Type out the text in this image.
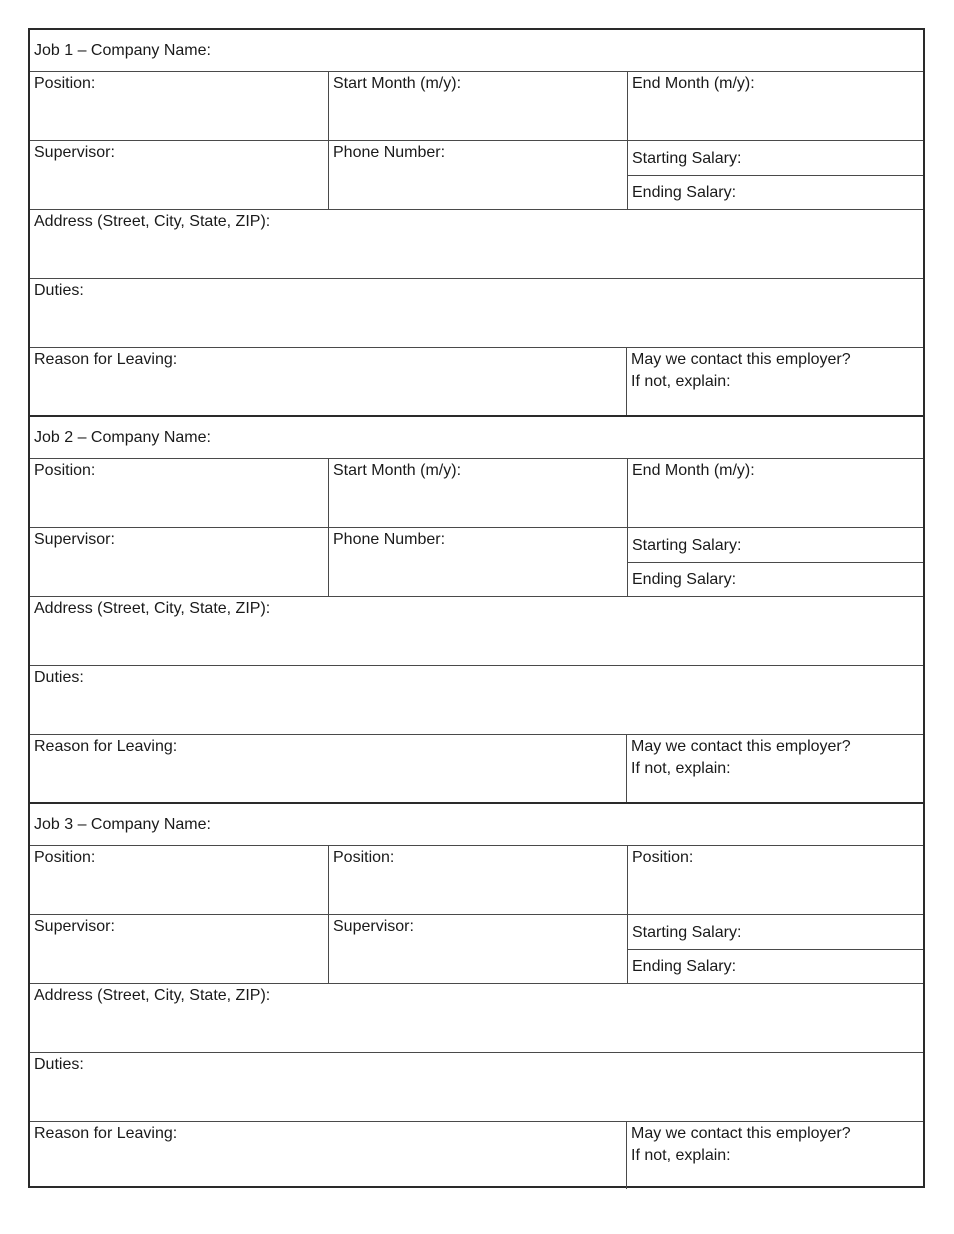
Job 1 – Company Name:
Position:	Start Month (m/y):	End Month (m/y):
Supervisor:	Phone Number:	Starting Salary:
Ending Salary:
Address (Street, City, State, ZIP):
Duties:
Reason for Leaving:	May we contact this employer?
If not, explain:
Job 2 – Company Name:
Position:	Start Month (m/y):	End Month (m/y):
Supervisor:	Phone Number:	Starting Salary:
Ending Salary:
Address (Street, City, State, ZIP):
Duties:
Reason for Leaving:	May we contact this employer?
If not, explain:
Job 3 – Company Name:
Position:	Position:	Position:
Supervisor:	Supervisor:	Starting Salary:
Ending Salary:
Address (Street, City, State, ZIP):
Duties:
Reason for Leaving:	May we contact this employer?
If not, explain:
